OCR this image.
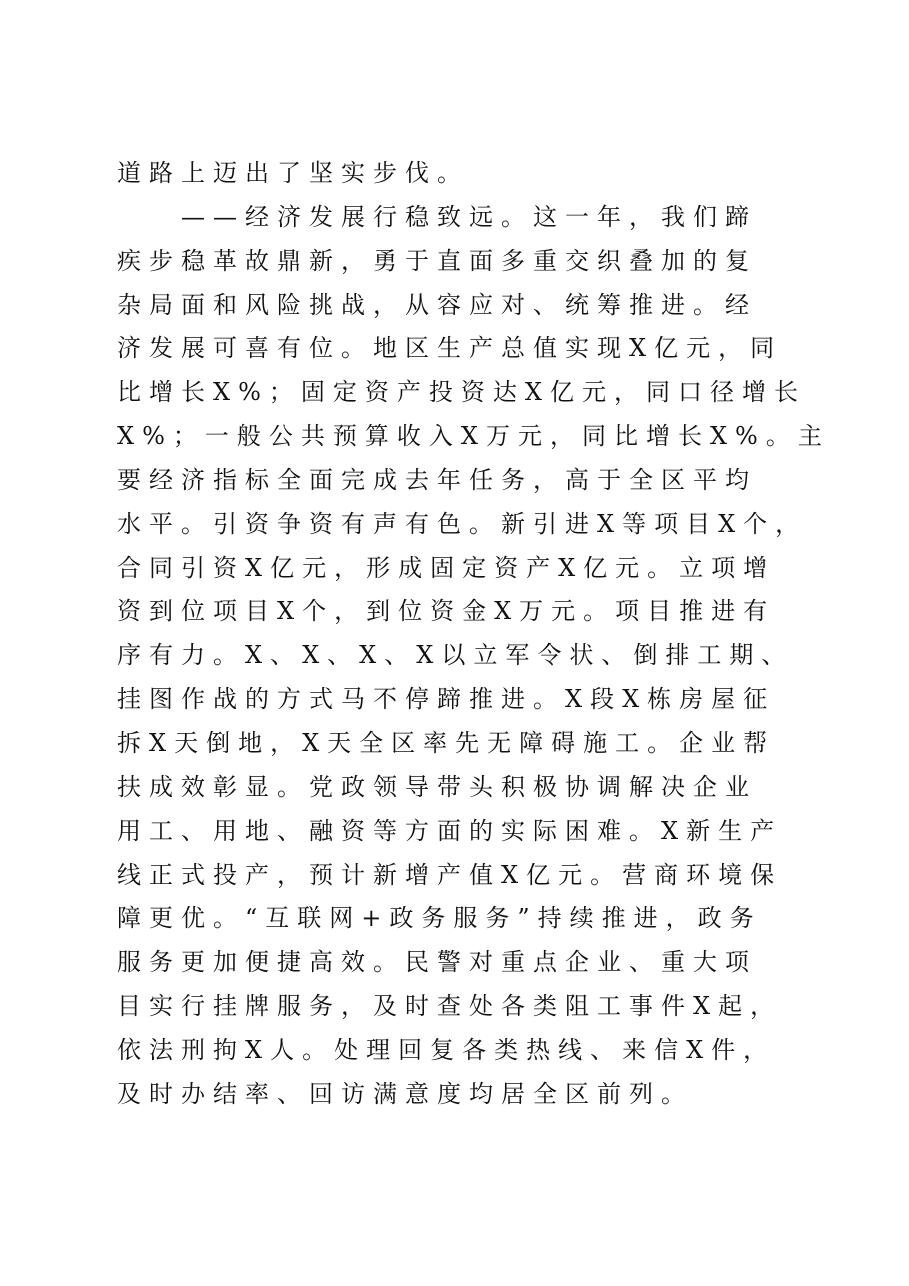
道路上迈出了坚实步伐。
——经济发展行稳致远。这一年，我们蹄
疾步稳革故鼎新，勇于直面多重交织叠加的复
杂局面和风险挑战，从容应对、统筹推进。经
济发展可喜有位。地区生产总值实现X亿元，同
比增长X%；固定资产投资达X亿元，同口径增长
X%；一般公共预算收入X万元，同比增长X%。主
要经济指标全面完成去年任务，高于全区平均
水平。引资争资有声有色。新引进X等项目X个，
合同引资X亿元，形成固定资产X亿元。立项增
资到位项目X个，到位资金X万元。项目推进有
序有力。X、X、X、X以立军令状、倒排工期、
挂图作战的方式马不停蹄推进。X段X栋房屋征
拆X天倒地，X天全区率先无障碍施工。企业帮
扶成效彰显。党政领导带头积极协调解决企业
用工、用地、融资等方面的实际困难。X新生产
线正式投产，预计新增产值X亿元。营商环境保
障更优。“互联网+政务服务”持续推进，政务
服务更加便捷高效。民警对重点企业、重大项
目实行挂牌服务，及时查处各类阻工事件X起，
依法刑拘X人。处理回复各类热线、来信X件，
及时办结率、回访满意度均居全区前列。
